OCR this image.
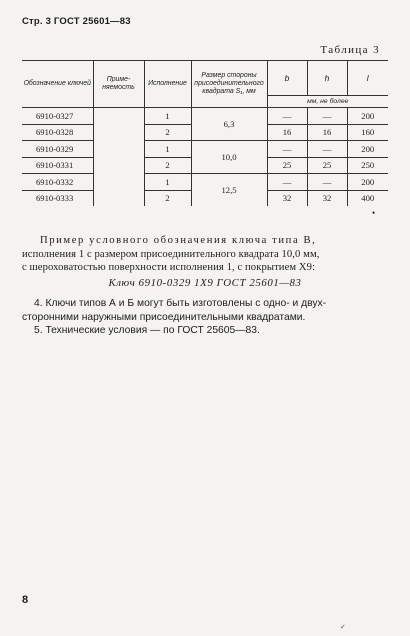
Стр. 3 ГОСТ 25601—83
Таблица 3
Обозначение ключей	Применяемость	Исполнение	Размер стороны присоединительного квадрата S₁, мм	b	h	l
				мм, не более		
6910-0327		1	6,3	—	—	200
6910-0328		2		16	16	160
6910-0329		1	10,0	—	—	200
6910-0331		2		25	25	250
6910-0332		1	12,5	—	—	200
6910-0333		2		32	32	400
•
Пример условного обозначения ключа типа В,
исполнения 1 с размером присоединительного квадрата 10,0 мм,
с шероховатостью поверхности исполнения 1, с покрытием Х9:
Ключ 6910-0329 1Х9 ГОСТ 25601—83
4. Ключи типов А и Б могут быть изготовлены с одно- и двух-
сторонними наружными присоединительными квадратами.
5. Технические условия — по ГОСТ 25605—83.
8
✓
